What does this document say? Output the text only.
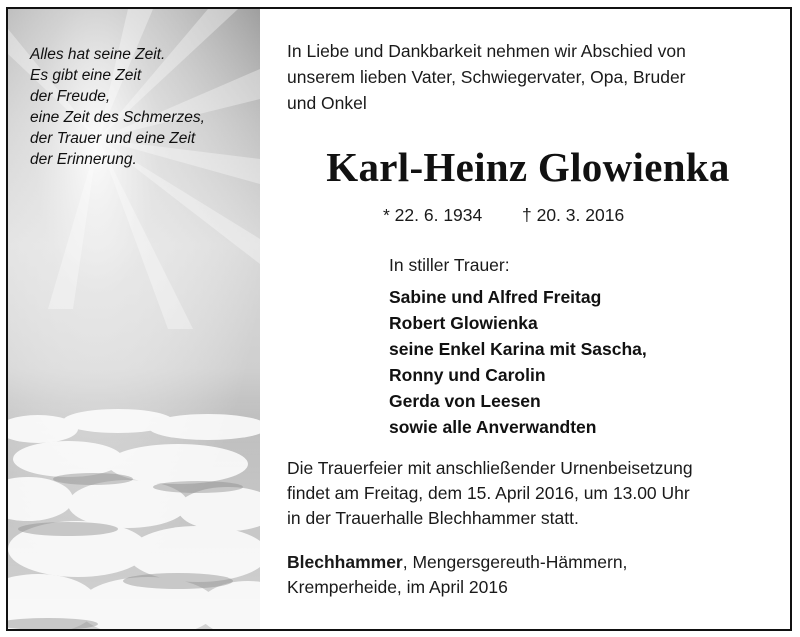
Alles hat seine Zeit.
Es gibt eine Zeit
der Freude,
eine Zeit des Schmerzes,
der Trauer und eine Zeit
der Erinnerung.
In Liebe und Dankbarkeit nehmen wir Abschied von
unserem lieben Vater, Schwiegervater, Opa, Bruder
und Onkel
Karl-Heinz Glowienka
* 22. 6. 1934 † 20. 3. 2016
In stiller Trauer:
Sabine und Alfred Freitag
Robert Glowienka
seine Enkel Karina mit Sascha,
Ronny und Carolin
Gerda von Leesen
sowie alle Anverwandten
Die Trauerfeier mit anschließender Urnenbeisetzung
findet am Freitag, dem 15. April 2016, um 13.00 Uhr
in der Trauerhalle Blechhammer statt.
Blechhammer, Mengersgereuth-Hämmern,
Kremperheide, im April 2016
